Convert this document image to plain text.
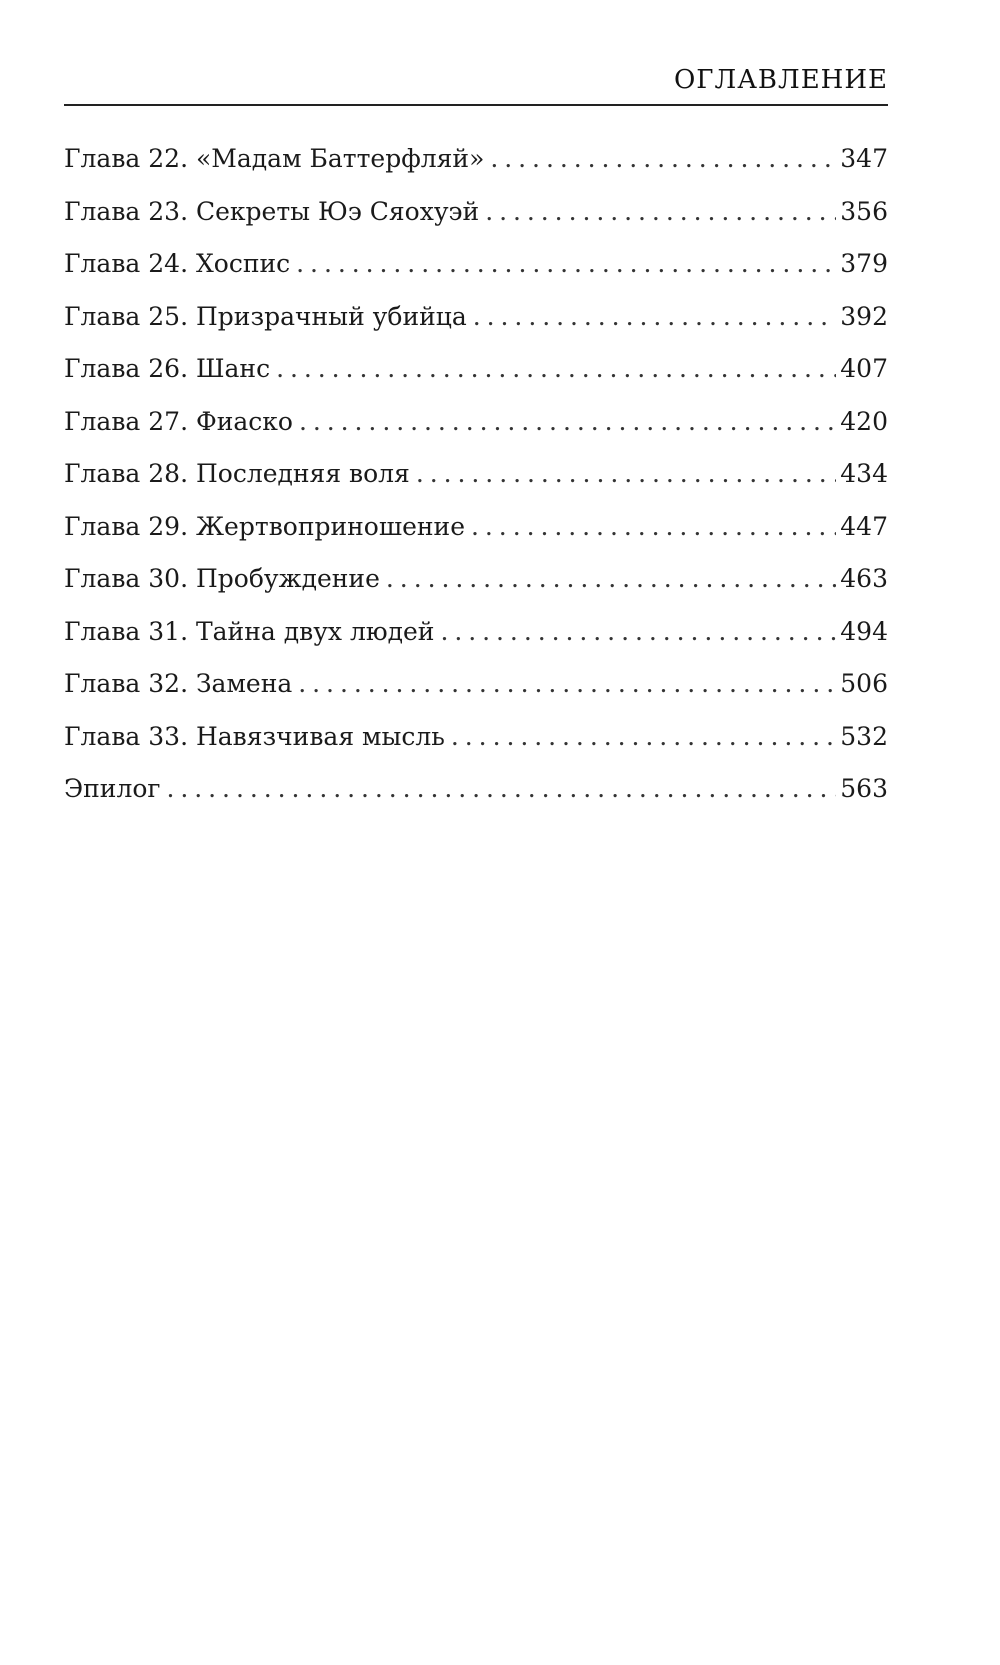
ОГЛАВЛЕНИЕ
Глава 22. «Мадам Баттерфляй» . . .	347
Глава 23. Секреты Юэ Сяохуэй . . .	356
Глава 24. Хоспис . . .	379
Глава 25. Призрачный убийца . . .	392
Глава 26. Шанс . . .	407
Глава 27. Фиаско . . .	420
Глава 28. Последняя воля . . .	434
Глава 29. Жертвоприношение . . .	447
Глава 30. Пробуждение . . .	463
Глава 31. Тайна двух людей . . .	494
Глава 32. Замена . . .	506
Глава 33. Навязчивая мысль . . .	532
Эпилог . . .	563
